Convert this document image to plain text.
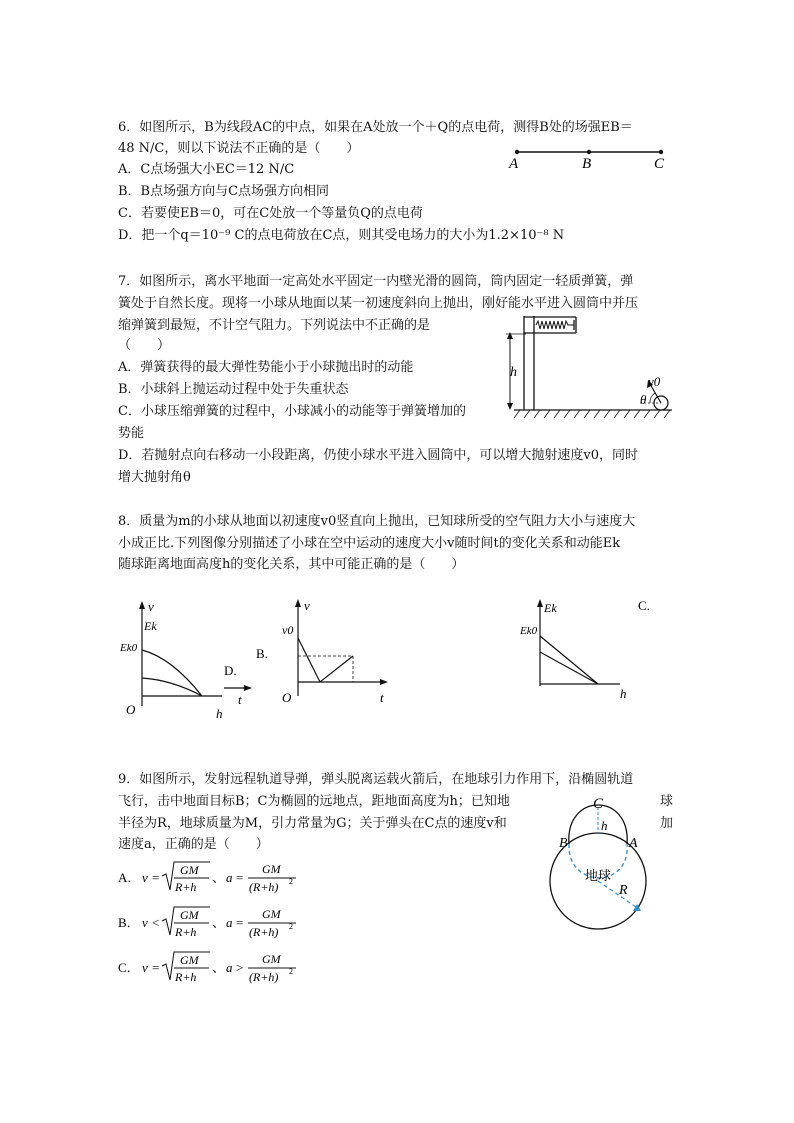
6．如图所示，B为线段AC的中点，如果在A处放一个＋Q的点电荷，测得B处的场强EB＝
48 N/C，则以下说法不正确的是（　　）
A．C点场强大小EC＝12 N/C
B．B点场强方向与C点场强方向相同
C．若要使EB＝0，可在C处放一个等量负Q的点电荷
D．把一个q＝10⁻⁹ C的点电荷放在C点，则其受电场力的大小为1.2×10⁻⁸ N
A	B	C
7．如图所示，离水平地面一定高处水平固定一内壁光滑的圆筒，筒内固定一轻质弹簧，弹
簧处于自然长度。现将一小球从地面以某一初速度斜向上抛出，刚好能水平进入圆筒中并压
缩弹簧到最短，不计空气阻力。下列说法中不正确的是
（　　）
A．弹簧获得的最大弹性势能小于小球抛出时的动能
B．小球斜上抛运动过程中处于失重状态
C．小球压缩弹簧的过程中，小球减小的动能等于弹簧增加的
势能
D．若抛射点向右移动一小段距离，仍使小球水平进入圆筒中，可以增大抛射速度v0，同时
增大抛射角θ
h
v0
θ
8．质量为m的小球从地面以初速度v0竖直向上抛出，已知球所受的空气阻力大小与速度大
小成正比.下列图像分别描述了小球在空中运动的速度大小v随时间t的变化关系和动能Ek
随球距离地面高度h的变化关系，其中可能正确的是（　　）
v
Ek
Ek0
O	h
D.
t
B.
v
v0
O	t
Ek
Ek0
h
C.
9．如图所示，发射远程轨道导弹，弹头脱离运载火箭后，在地球引力作用下，沿椭圆轨道
飞行，击中地面目标B；C为椭圆的远地点，距地面高度为h；已知地	球
半径为R，地球质量为M，引力常量为G；关于弹头在C点的速度v和	加
速度a，正确的是（　　）
A． v = GM
R+h
、 a =
GM
(R+h) 2
B． v < GM
R+h
、 a =
GM
(R+h) 2
C． v = GM
R+h
、 a >
GM
(R+h) 2
C
h
B	A
地球
R
